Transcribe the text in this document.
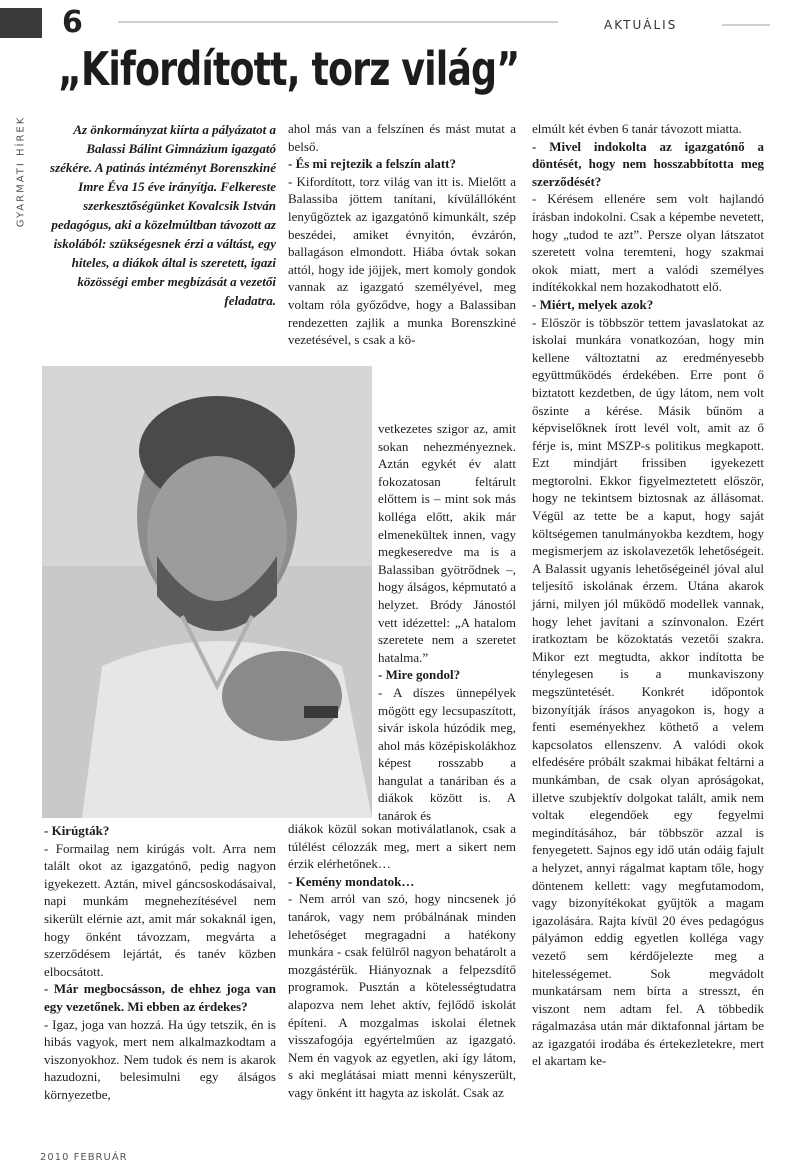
6	AKTUÁLIS
GYARMATI HÍREK
„Kifordított, torz világ”
Az önkormányzat kiírta a pályázatot a Balassi Bálint Gimnázium igazgató székére. A patinás intézményt Borenszkiné Imre Éva 15 éve irányítja. Felkereste szerkesztőségünket Kovalcsik István pedagógus, aki a közelmúltban távozott az iskolából: szükségesnek érzi a váltást, egy hiteles, a diákok által is szeretett, igazi közösségi ember megbízását a vezetői feladatra.

- Kirúgták?

- Formailag nem kirúgás volt. Arra nem talált okot az igazgatónő, pedig nagyon igyekezett. Aztán, mivel gáncsoskodásaival, napi munkám megnehezítésével nem sikerült elérnie azt, amit már sokaknál igen, hogy önként távozzam, megvárta a szerződésem lejártát, és tanév közben elbocsátott.

- Már megbocsásson, de ehhez joga van egy vezetőnek. Mi ebben az érdekes?

- Igaz, joga van hozzá. Ha úgy tetszik, én is hibás vagyok, mert nem alkalmazkodtam a viszonyokhoz. Nem tudok és nem is akarok hazudozni, belesimulni egy álságos környezetbe,

ahol más van a felszínen és mást mutat a belső.

- És mi rejtezik a felszín alatt?

- Kifordított, torz világ van itt is. Mielőtt a Balassiba jöttem tanítani, kívülállóként lenyűgöztek az igazgatónő kimunkált, szép beszédei, amiket évnyitón, évzárón, ballagáson elmondott. Hiába óvtak sokan attól, hogy ide jöjjek, mert komoly gondok vannak az igazgató személyével, meg voltam róla győződve, hogy a Balassiban rendezetten zajlik a munka Borenszkiné vezetésével, s csak a kö-

vetkezetes szigor az, amit sokan nehezményeznek. Aztán egykét év alatt fokozatosan feltárult előttem is – mint sok más kolléga előtt, akik már elmenekültek innen, vagy megkeseredve ma is a Balassiban gyötrődnek –, hogy álságos, képmutató a helyzet. Bródy Jánostól vett idézettel: „A hatalom szeretete nem a szeretet hatalma.”

- Mire gondol?

- A díszes ünnepélyek mögött egy lecsupaszított, sivár iskola húzódik meg, ahol más középiskolákhoz képest rosszabb a hangulat a tanáriban és a diákok között is. A tanárok és

diákok közül sokan motiválatlanok, csak a túlélést célozzák meg, mert a sikert nem érzik elérhetőnek…

- Kemény mondatok…

- Nem arról van szó, hogy nincsenek jó tanárok, vagy nem próbálnának minden lehetőséget megragadni a hatékony munkára - csak felülről nagyon behatárolt a mozgástérük. Hiányoznak a felpezsdítő programok. Pusztán a kötelességtudatra alapozva nem lehet aktív, fejlődő iskolát építeni. A mozgalmas iskolai életnek visszafogója egyértelműen az igazgató. Nem én vagyok az egyetlen, aki így látom, s aki meglátásai miatt menni kényszerült, vagy önként itt hagyta az iskolát. Csak az

elmúlt két évben 6 tanár távozott miatta.

- Mivel indokolta az igazgatónő a döntését, hogy nem hosszabbította meg szerződését?

- Kérésem ellenére sem volt hajlandó írásban indokolni. Csak a képembe nevetett, hogy „tudod te azt”. Persze olyan látszatot szeretett volna teremteni, hogy szakmai okok miatt, mert a valódi személyes indítékokkal nem hozakodhatott elő.

- Miért, melyek azok?

- Először is többször tettem javaslatokat az iskolai munkára vonatkozóan, hogy min kellene változtatni az eredményesebb együttműködés érdekében. Erre pont ő biztatott kezdetben, de úgy látom, nem volt őszinte a kérése. Másik bűnöm a képviselőknek írott levél volt, amit az ő férje is, mint MSZP-s politikus megkapott. Ezt mindjárt frissiben igyekezett megtorolni. Ekkor figyelmeztetett először, hogy ne tekintsem biztosnak az állásomat. Végül az tette be a kaput, hogy saját költségemen tanulmányokba kezdtem, hogy megismerjem az iskolavezetők lehetőségeit. A Balassit ugyanis lehetőségeinél jóval alul teljesítő iskolának érzem. Utána akarok járni, milyen jól működő modellek vannak, hogy lehet javítani a színvonalon. Ezért iratkoztam be közoktatás vezetői szakra. Mikor ezt megtudta, akkor indította be ténylegesen is a munkaviszony megszüntetését. Konkrét időpontok bizonyítják írásos anyagokon is, hogy a fenti eseményekhez köthető a velem kapcsolatos ellenszenv. A valódi okok elfedésére próbált szakmai hibákat feltárni a munkámban, de csak olyan apróságokat, illetve szubjektív dolgokat talált, amik nem voltak elegendőek egy fegyelmi megindításához, bár többször azzal is fenyegetett. Sajnos egy idő után odáig fajult a helyzet, annyi rágalmat kaptam tőle, hogy döntenem kellett: vagy megfutamodom, vagy bizonyítékokat gyűjtök a magam igazolására. Rajta kívül 20 éves pedagógus pályámon eddig egyetlen kolléga vagy vezető sem kérdőjelezte meg a hitelességemet. Sok megvádolt munkatársam nem bírta a stresszt, én viszont nem adtam fel. A többedik rágalmazása után már diktafonnal jártam be az igazgatói irodába és értekezletekre, mert el akartam ke-

2010 FEBRUÁR
